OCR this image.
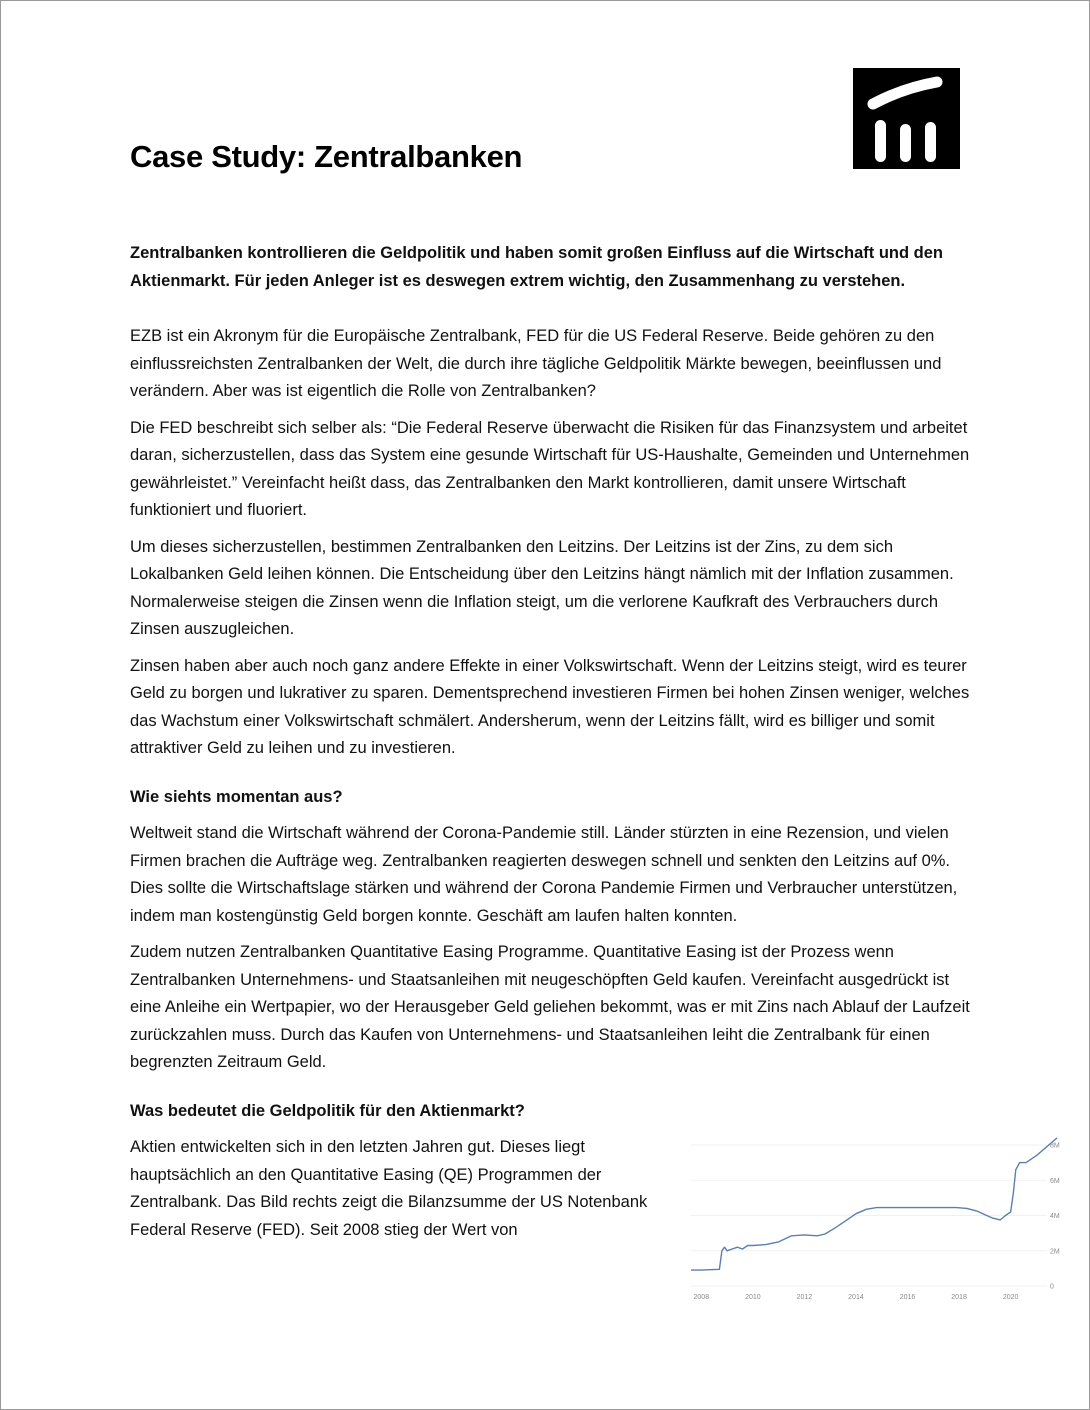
Case Study: Zentralbanken

Zentralbanken kontrollieren die Geldpolitik und haben somit großen Einfluss auf die Wirtschaft und den Aktienmarkt. Für jeden Anleger ist es deswegen extrem wichtig, den Zusammenhang zu verstehen.

EZB ist ein Akronym für die Europäische Zentralbank, FED für die US Federal Reserve. Beide gehören zu den einflussreichsten Zentralbanken der Welt, die durch ihre tägliche Geldpolitik Märkte bewegen, beeinflussen und verändern. Aber was ist eigentlich die Rolle von Zentralbanken?

Die FED beschreibt sich selber als: “Die Federal Reserve überwacht die Risiken für das Finanzsystem und arbeitet daran, sicherzustellen, dass das System eine gesunde Wirtschaft für US-Haushalte, Gemeinden und Unternehmen gewährleistet.” Vereinfacht heißt dass, das Zentralbanken den Markt kontrollieren, damit unsere Wirtschaft funktioniert und fluoriert.

Um dieses sicherzustellen, bestimmen Zentralbanken den Leitzins. Der Leitzins ist der Zins, zu dem sich Lokalbanken Geld leihen können. Die Entscheidung über den Leitzins hängt nämlich mit der Inflation zusammen. Normalerweise steigen die Zinsen wenn die Inflation steigt, um die verlorene Kaufkraft des Verbrauchers durch Zinsen auszugleichen.

Zinsen haben aber auch noch ganz andere Effekte in einer Volkswirtschaft. Wenn der Leitzins steigt, wird es teurer Geld zu borgen und lukrativer zu sparen. Dementsprechend investieren Firmen bei hohen Zinsen weniger, welches das Wachstum einer Volkswirtschaft schmälert. Andersherum, wenn der Leitzins fällt, wird es billiger und somit attraktiver Geld zu leihen und zu investieren.

Wie siehts momentan aus?

Weltweit stand die Wirtschaft während der Corona-Pandemie still. Länder stürzten in eine Rezension, und vielen Firmen brachen die Aufträge weg. Zentralbanken reagierten deswegen schnell und senkten den Leitzins auf 0%. Dies sollte die Wirtschaftslage stärken und während der Corona Pandemie Firmen und Verbraucher unterstützen, indem man kostengünstig Geld borgen konnte. Geschäft am laufen halten konnten.

Zudem nutzen Zentralbanken Quantitative Easing Programme. Quantitative Easing ist der Prozess wenn Zentralbanken Unternehmens- und Staatsanleihen mit neugeschöpften Geld kaufen. Vereinfacht ausgedrückt ist eine Anleihe ein Wertpapier, wo der Herausgeber Geld geliehen bekommt, was er mit Zins nach Ablauf der Laufzeit zurückzahlen muss. Durch das Kaufen von Unternehmens- und Staatsanleihen leiht die Zentralbank für einen begrenzten Zeitraum Geld.

Was bedeutet die Geldpolitik für den Aktienmarkt?

Aktien entwickelten sich in den letzten Jahren gut. Dieses liegt hauptsächlich an den Quantitative Easing (QE) Programmen der Zentralbank. Das Bild rechts zeigt die Bilanzsumme der US Notenbank Federal Reserve (FED). Seit 2008 stieg der Wert von

0
2M
4M
6M
8M
2008	2010	2012	2014	2016	2018	2020
